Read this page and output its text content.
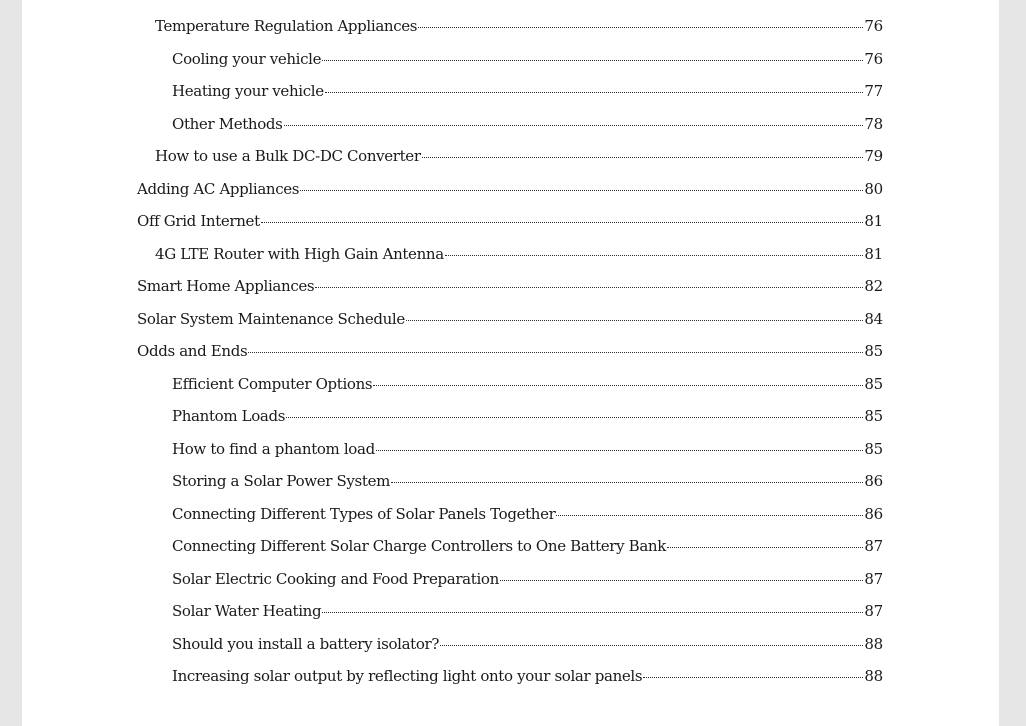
Temperature Regulation Appliances	76
Cooling your vehicle	76
Heating your vehicle	77
Other Methods	78
How to use a Bulk DC-DC Converter	79
Adding AC Appliances	80
Off Grid Internet	81
4G LTE Router with High Gain Antenna	81
Smart Home Appliances	82
Solar System Maintenance Schedule	84
Odds and Ends	85
Efficient Computer Options	85
Phantom Loads	85
How to find a phantom load	85
Storing a Solar Power System	86
Connecting Different Types of Solar Panels Together	86
Connecting Different Solar Charge Controllers to One Battery Bank	87
Solar Electric Cooking and Food Preparation	87
Solar Water Heating	87
Should you install a battery isolator?	88
Increasing solar output by reflecting light onto your solar panels	88
